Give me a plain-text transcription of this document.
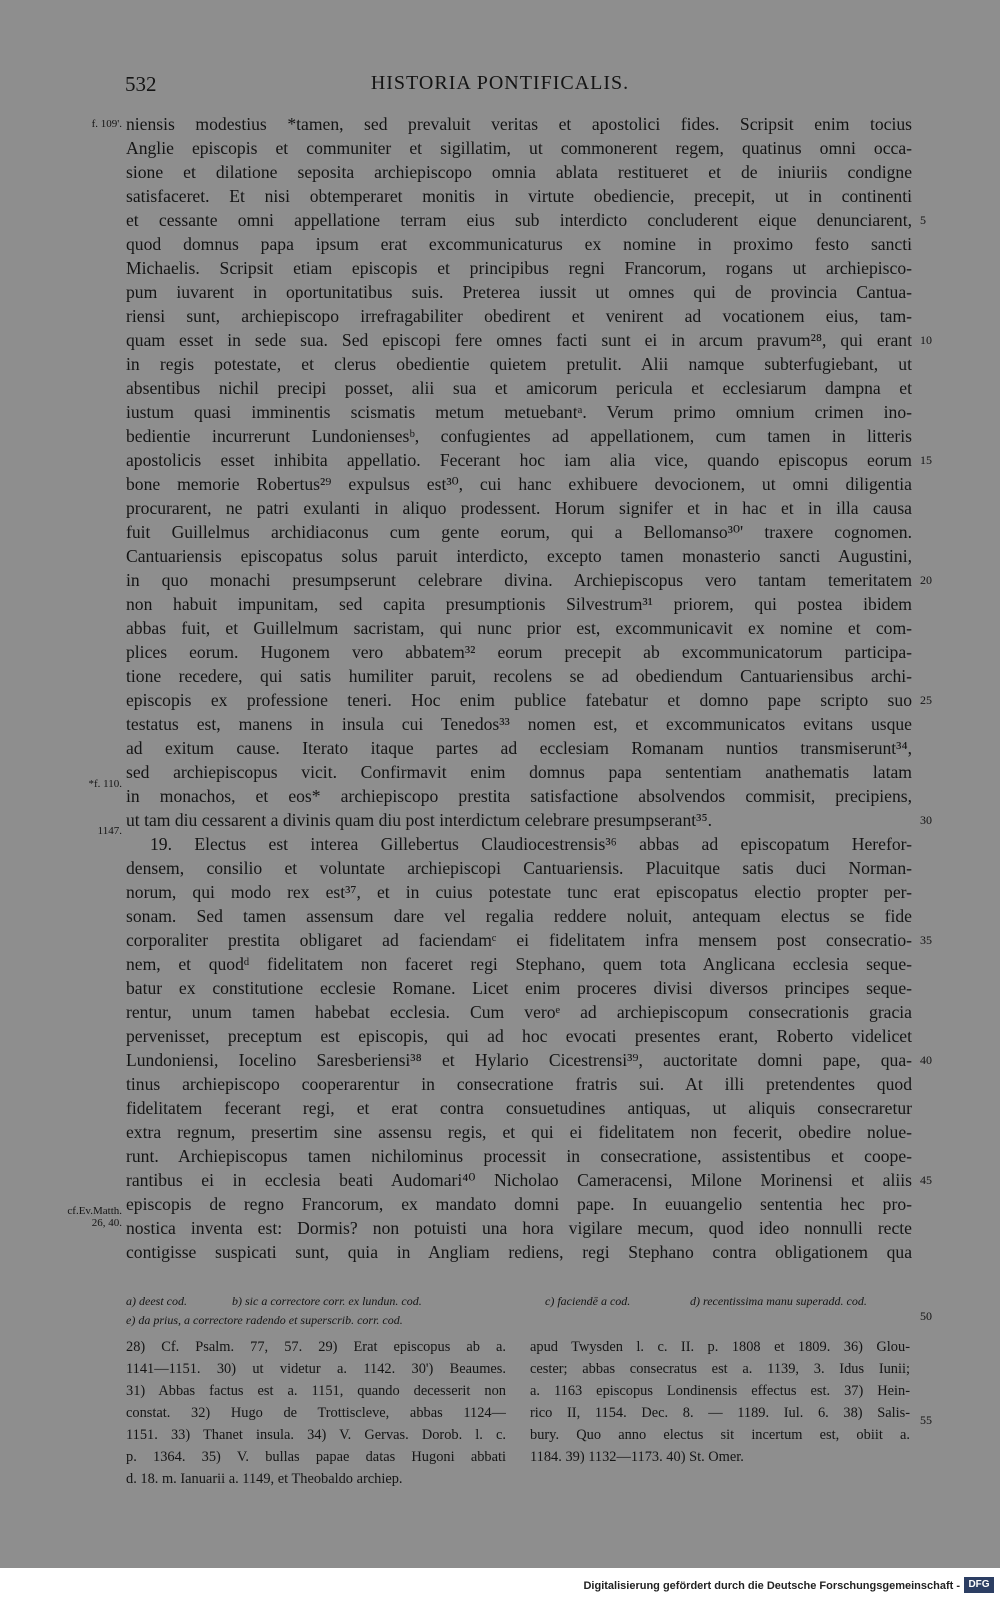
532	HISTORIA PONTIFICALIS.
f. 109'.
*f. 110.
1147.
cf.Ev.Matth.
26, 40.
niensis modestius *tamen, sed prevaluit veritas et apostolici fides. Scripsit enim tocius
Anglie episcopis et communiter et sigillatim, ut commonerent regem, quatinus omni occa-
sione et dilatione seposita archiepiscopo omnia ablata restitueret et de iniuriis condigne
satisfaceret. Et nisi obtemperaret monitis in virtute obediencie, precepit, ut in continenti
et cessante omni appellatione terram eius sub interdicto concluderent eique denunciarent,
quod domnus papa ipsum erat excommunicaturus ex nomine in proximo festo sancti
Michaelis. Scripsit etiam episcopis et principibus regni Francorum, rogans ut archiepisco-
pum iuvarent in oportunitatibus suis. Preterea iussit ut omnes qui de provincia Cantua-
riensi sunt, archiepiscopo irrefragabiliter obedirent et venirent ad vocationem eius, tam-
quam esset in sede sua. Sed episcopi fere omnes facti sunt ei in arcum pravum²⁸, qui erant
in regis potestate, et clerus obedientie quietem pretulit. Alii namque subterfugiebant, ut
absentibus nichil precipi posset, alii sua et amicorum pericula et ecclesiarum dampna et
iustum quasi imminentis scismatis metum metuebantᵃ. Verum primo omnium crimen ino-
bedientie incurrerunt Lundoniensesᵇ, confugientes ad appellationem, cum tamen in litteris
apostolicis esset inhibita appellatio. Fecerant hoc iam alia vice, quando episcopus eorum
bone memorie Robertus²⁹ expulsus est³⁰, cui hanc exhibuere devocionem, ut omni diligentia
procurarent, ne patri exulanti in aliquo prodessent. Horum signifer et in hac et in illa causa
fuit Guillelmus archidiaconus cum gente eorum, qui a Bellomanso³⁰' traxere cognomen.
Cantuariensis episcopatus solus paruit interdicto, excepto tamen monasterio sancti Augustini,
in quo monachi presumpserunt celebrare divina. Archiepiscopus vero tantam temeritatem
non habuit impunitam, sed capita presumptionis Silvestrum³¹ priorem, qui postea ibidem
abbas fuit, et Guillelmum sacristam, qui nunc prior est, excommunicavit ex nomine et com-
plices eorum. Hugonem vero abbatem³² eorum precepit ab excommunicatorum participa-
tione recedere, qui satis humiliter paruit, recolens se ad obediendum Cantuariensibus archi-
episcopis ex professione teneri. Hoc enim publice fatebatur et domno pape scripto suo
testatus est, manens in insula cui Tenedos³³ nomen est, et excommunicatos evitans usque
ad exitum cause. Iterato itaque partes ad ecclesiam Romanam nuntios transmiserunt³⁴,
sed archiepiscopus vicit. Confirmavit enim domnus papa sententiam anathematis latam
in monachos, et eos* archiepiscopo prestita satisfactione absolvendos commisit, precipiens,
ut tam diu cessarent a divinis quam diu post interdictum celebrare presumpserant³⁵.
19. Electus est interea Gillebertus Claudiocestrensis³⁶ abbas ad episcopatum Herefor-
densem, consilio et voluntate archiepiscopi Cantuariensis. Placuitque satis duci Norman-
norum, qui modo rex est³⁷, et in cuius potestate tunc erat episcopatus electio propter per-
sonam. Sed tamen assensum dare vel regalia reddere noluit, antequam electus se fide
corporaliter prestita obligaret ad faciendamᶜ ei fidelitatem infra mensem post consecratio-
nem, et quodᵈ fidelitatem non faceret regi Stephano, quem tota Anglicana ecclesia seque-
batur ex constitutione ecclesie Romane. Licet enim proceres divisi diversos principes seque-
rentur, unum tamen habebat ecclesia. Cum veroᵉ ad archiepiscopum consecrationis gracia
pervenisset, preceptum est episcopis, qui ad hoc evocati presentes erant, Roberto videlicet
Lundoniensi, Iocelino Saresberiensi³⁸ et Hylario Cicestrensi³⁹, auctoritate domni pape, qua-
tinus archiepiscopo cooperarentur in consecratione fratris sui. At illi pretendentes quod
fidelitatem fecerant regi, et erat contra consuetudines antiquas, ut aliquis consecraretur
extra regnum, presertim sine assensu regis, et qui ei fidelitatem non fecerit, obedire nolue-
runt. Archiepiscopus tamen nichilominus processit in consecratione, assistentibus et coope-
rantibus ei in ecclesia beati Audomari⁴⁰ Nicholao Cameracensi, Milone Morinensi et aliis
episcopis de regno Francorum, ex mandato domni pape. In euuangelio sententia hec pro-
nostica inventa est: Dormis? non potuisti una hora vigilare mecum, quod ideo nonnulli recte
contigisse suspicati sunt, quia in Angliam rediens, regi Stephano contra obligationem qua
5
10
15
20
25
30
35
40
45
50
55
a) deest cod.	b) sic a correctore corr. ex lundun. cod.	c) faciendē a cod.	d) recentissima manu superadd. cod.
e) da prius, a correctore radendo et superscrib. corr. cod.
28) Cf. Psalm. 77, 57. 29) Erat episcopus ab a.
1141—1151. 30) ut videtur a. 1142. 30') Beaumes.
31) Abbas factus est a. 1151, quando decesserit non
constat. 32) Hugo de Trottiscleve, abbas 1124—
1151. 33) Thanet insula. 34) V. Gervas. Dorob. l. c.
p. 1364. 35) V. bullas papae datas Hugoni abbati
d. 18. m. Ianuarii a. 1149, et Theobaldo archiep.
apud Twysden l. c. II. p. 1808 et 1809. 36) Glou-
cester; abbas consecratus est a. 1139, 3. Idus Iunii;
a. 1163 episcopus Londinensis effectus est. 37) Hein-
rico II, 1154. Dec. 8. — 1189. Iul. 6. 38) Salis-
bury. Quo anno electus sit incertum est, obiit a.
1184. 39) 1132—1173. 40) St. Omer.
Digitalisierung gefördert durch die Deutsche Forschungsgemeinschaft - DFG
